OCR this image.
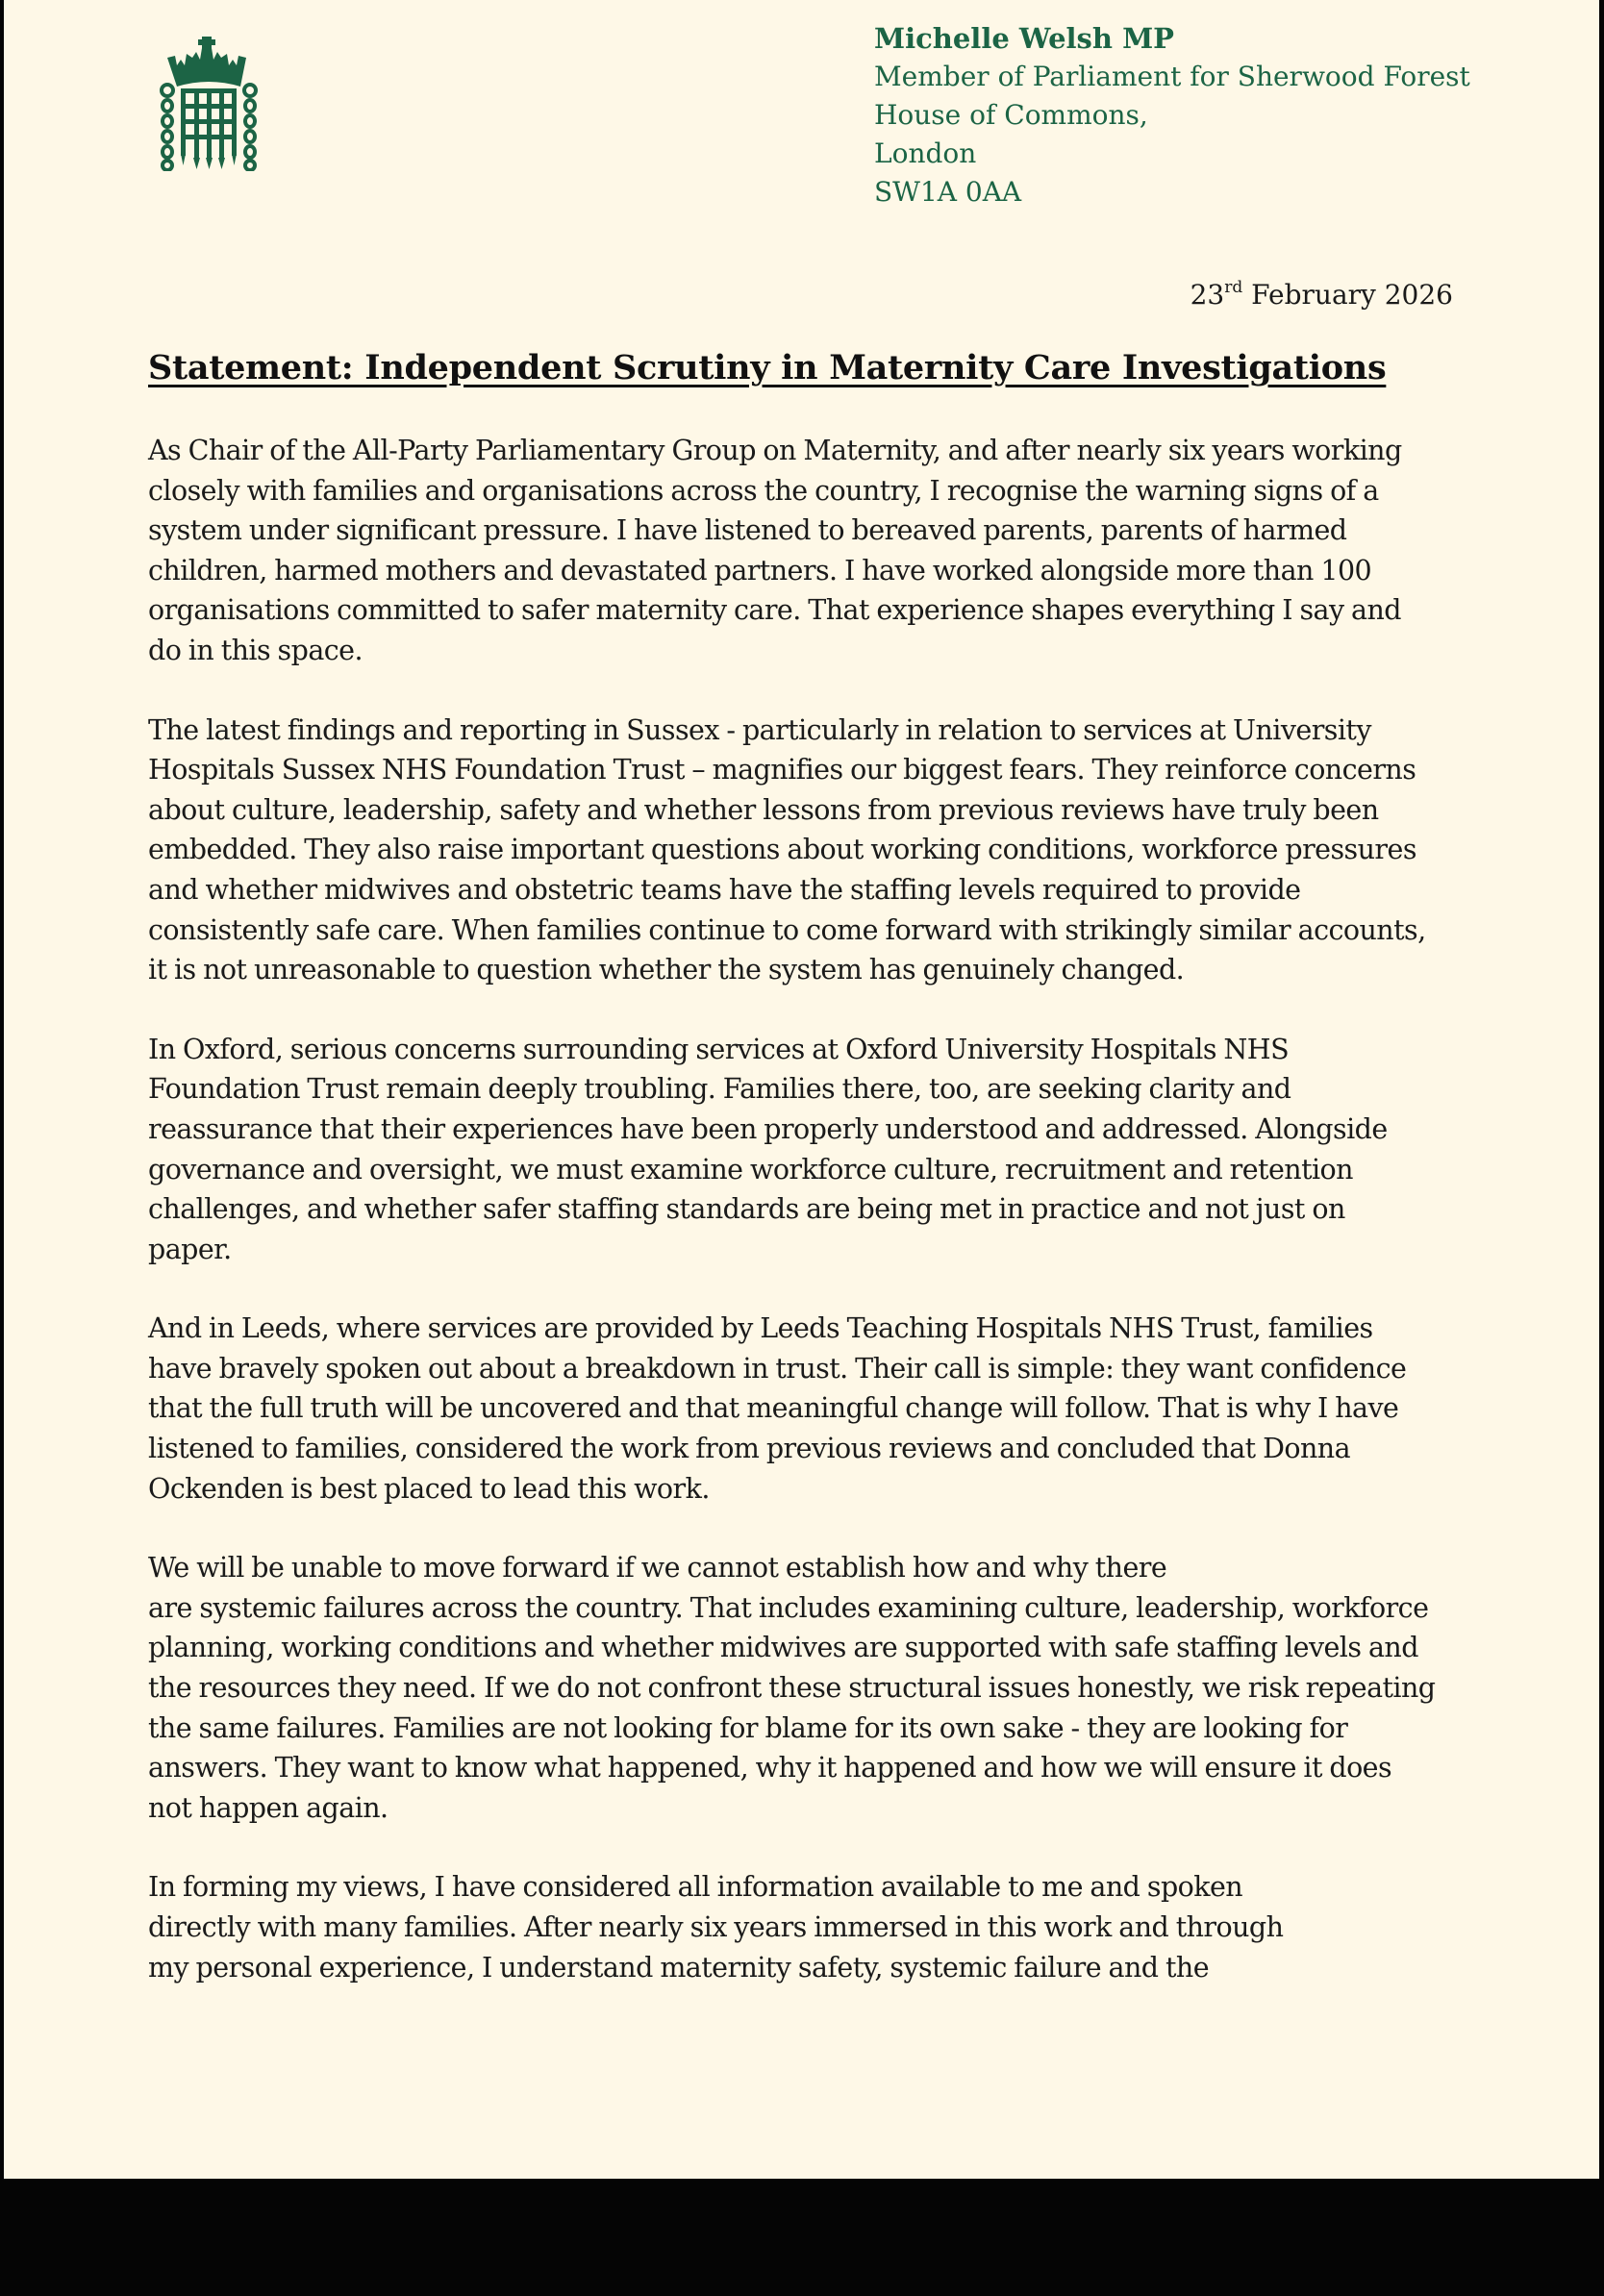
Michelle Welsh MP
Member of Parliament for Sherwood Forest
House of Commons,
London
SW1A 0AA
23rd February 2026
Statement: Independent Scrutiny in Maternity Care Investigations
As Chair of the All-Party Parliamentary Group on Maternity, and after nearly six years working
closely with families and organisations across the country, I recognise the warning signs of a
system under significant pressure. I have listened to bereaved parents, parents of harmed
children, harmed mothers and devastated partners. I have worked alongside more than 100
organisations committed to safer maternity care. That experience shapes everything I say and
do in this space.
The latest findings and reporting in Sussex - particularly in relation to services at University
Hospitals Sussex NHS Foundation Trust – magnifies our biggest fears. They reinforce concerns
about culture, leadership, safety and whether lessons from previous reviews have truly been
embedded. They also raise important questions about working conditions, workforce pressures
and whether midwives and obstetric teams have the staffing levels required to provide
consistently safe care. When families continue to come forward with strikingly similar accounts,
it is not unreasonable to question whether the system has genuinely changed.
In Oxford, serious concerns surrounding services at Oxford University Hospitals NHS
Foundation Trust remain deeply troubling. Families there, too, are seeking clarity and
reassurance that their experiences have been properly understood and addressed. Alongside
governance and oversight, we must examine workforce culture, recruitment and retention
challenges, and whether safer staffing standards are being met in practice and not just on
paper.
And in Leeds, where services are provided by Leeds Teaching Hospitals NHS Trust, families
have bravely spoken out about a breakdown in trust. Their call is simple: they want confidence
that the full truth will be uncovered and that meaningful change will follow. That is why I have
listened to families, considered the work from previous reviews and concluded that Donna
Ockenden is best placed to lead this work.
We will be unable to move forward if we cannot establish how and why there
are systemic failures across the country. That includes examining culture, leadership, workforce
planning, working conditions and whether midwives are supported with safe staffing levels and
the resources they need. If we do not confront these structural issues honestly, we risk repeating
the same failures. Families are not looking for blame for its own sake - they are looking for
answers. They want to know what happened, why it happened and how we will ensure it does
not happen again.
In forming my views, I have considered all information available to me and spoken
directly with many families. After nearly six years immersed in this work and through
my personal experience, I understand maternity safety, systemic failure and the
